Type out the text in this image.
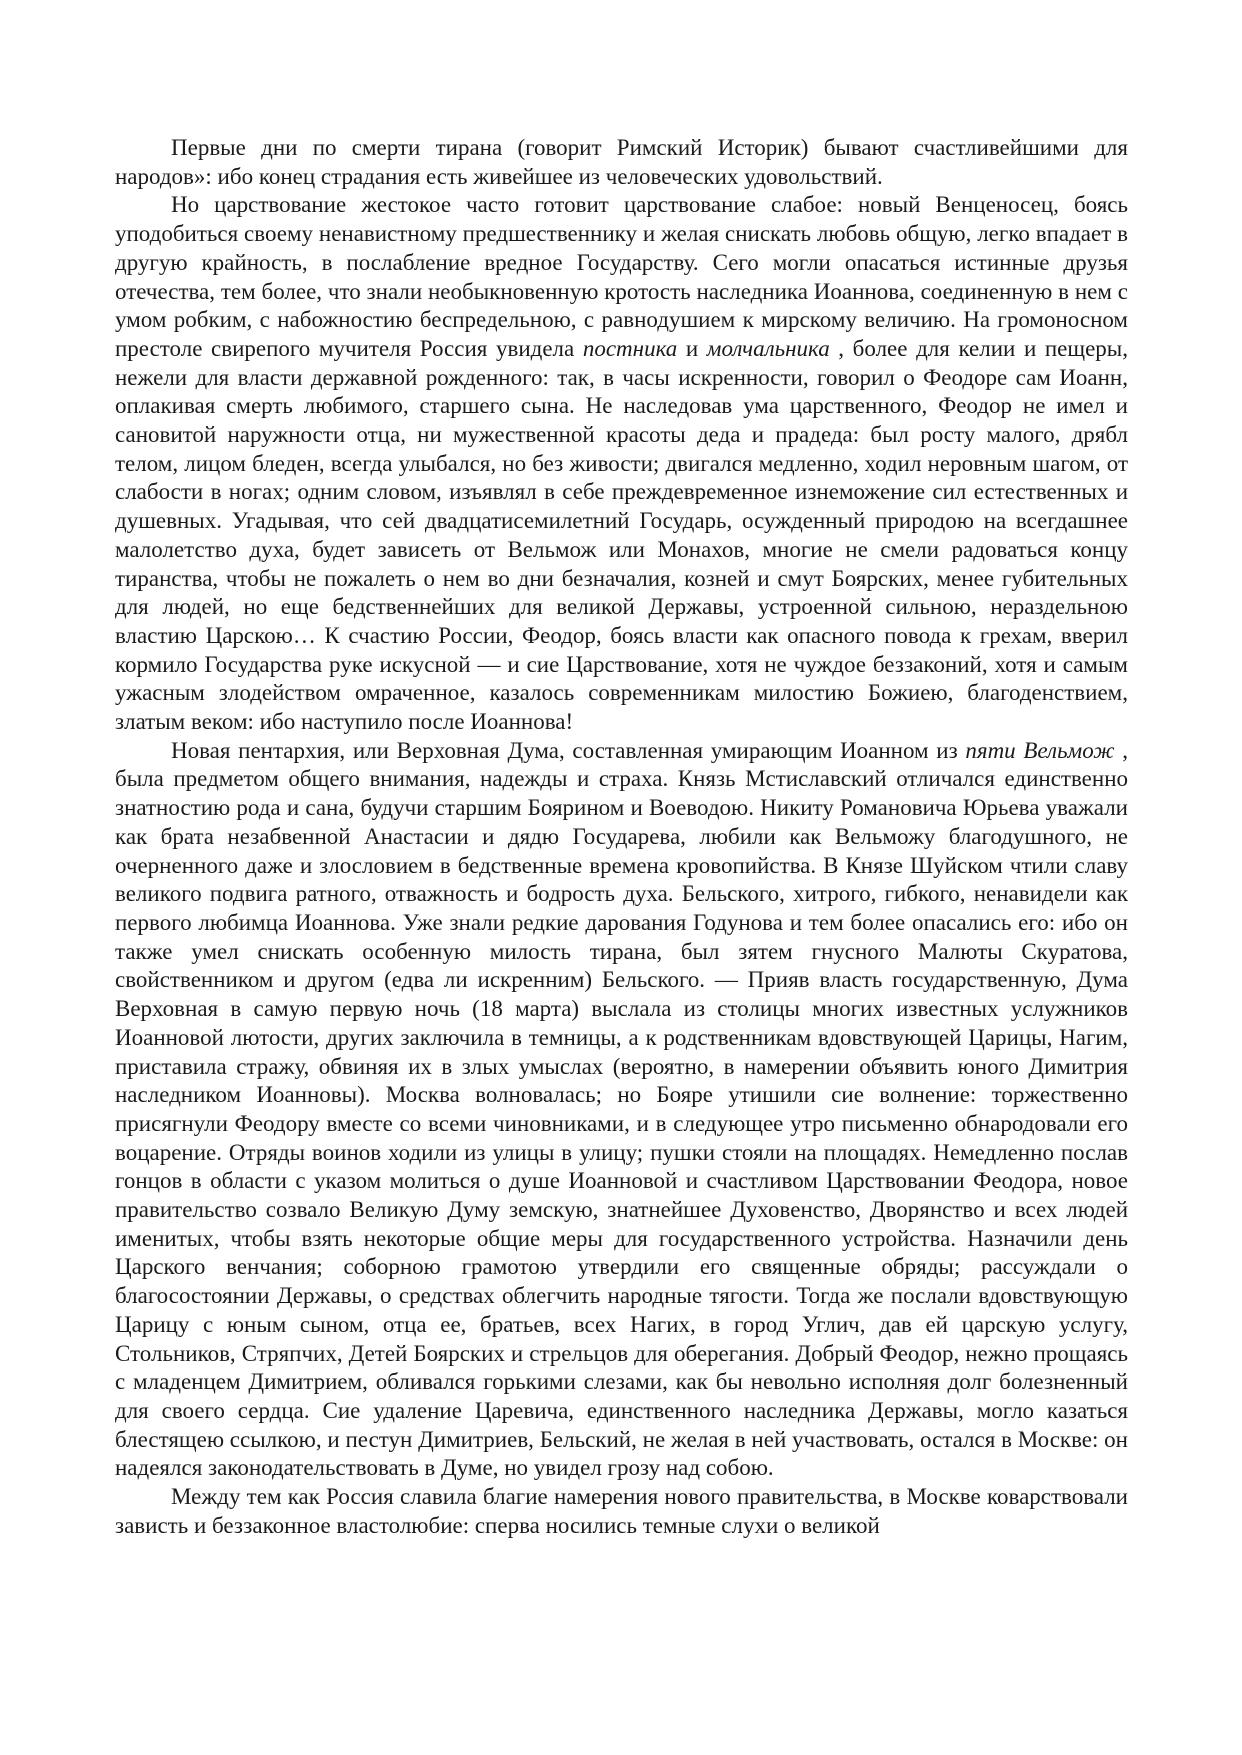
Первые дни по смерти тирана (говорит Римский Историк) бывают счастливейшими для народов»: ибо конец страдания есть живейшее из человеческих удовольствий.

Но царствование жестокое часто готовит царствование слабое: новый Венценосец, боясь уподобиться своему ненавистному предшественнику и желая снискать любовь общую, легко впадает в другую крайность, в послабление вредное Государству. Сего могли опасаться истинные друзья отечества, тем более, что знали необыкновенную кротость наследника Иоаннова, соединенную в нем с умом робким, с набожностию беспредельною, с равнодушием к мирскому величию. На громоносном престоле свирепого мучителя Россия увидела постника и молчальника , более для келии и пещеры, нежели для власти державной рожденного: так, в часы искренности, говорил о Феодоре сам Иоанн, оплакивая смерть любимого, старшего сына. Не наследовав ума царственного, Феодор не имел и сановитой наружности отца, ни мужественной красоты деда и прадеда: был росту малого, дрябл телом, лицом бледен, всегда улыбался, но без живости; двигался медленно, ходил неровным шагом, от слабости в ногах; одним словом, изъявлял в себе преждевременное изнеможение сил естественных и душевных. Угадывая, что сей двадцатисемилетний Государь, осужденный природою на всегдашнее малолетство духа, будет зависеть от Вельмож или Монахов, многие не смели радоваться концу тиранства, чтобы не пожалеть о нем во дни безначалия, козней и смут Боярских, менее губительных для людей, но еще бедственнейших для великой Державы, устроенной сильною, нераздельною властию Царскою… К счастию России, Феодор, боясь власти как опасного повода к грехам, вверил кормило Государства руке искусной — и сие Царствование, хотя не чуждое беззаконий, хотя и самым ужасным злодейством омраченное, казалось современникам милостию Божиею, благоденствием, златым веком: ибо наступило после Иоаннова!

Новая пентархия, или Верховная Дума, составленная умирающим Иоанном из пяти Вельмож , была предметом общего внимания, надежды и страха. Князь Мстиславский отличался единственно знатностию рода и сана, будучи старшим Боярином и Воеводою. Никиту Романовича Юрьева уважали как брата незабвенной Анастасии и дядю Государева, любили как Вельможу благодушного, не очерненного даже и злословием в бедственные времена кровопийства. В Князе Шуйском чтили славу великого подвига ратного, отважность и бодрость духа. Бельского, хитрого, гибкого, ненавидели как первого любимца Иоаннова. Уже знали редкие дарования Годунова и тем более опасались его: ибо он также умел снискать особенную милость тирана, был зятем гнусного Малюты Скуратова, свойственником и другом (едва ли искренним) Бельского. — Прияв власть государственную, Дума Верховная в самую первую ночь (18 марта) выслала из столицы многих известных услужников Иоанновой лютости, других заключила в темницы, а к родственникам вдовствующей Царицы, Нагим, приставила стражу, обвиняя их в злых умыслах (вероятно, в намерении объявить юного Димитрия наследником Иоанновы). Москва волновалась; но Бояре утишили сие волнение: торжественно присягнули Феодору вместе со всеми чиновниками, и в следующее утро письменно обнародовали его воцарение. Отряды воинов ходили из улицы в улицу; пушки стояли на площадях. Немедленно послав гонцов в области с указом молиться о душе Иоанновой и счастливом Царствовании Феодора, новое правительство созвало Великую Думу земскую, знатнейшее Духовенство, Дворянство и всех людей именитых, чтобы взять некоторые общие меры для государственного устройства. Назначили день Царского венчания; соборною грамотою утвердили его священные обряды; рассуждали о благосостоянии Державы, о средствах облегчить народные тягости. Тогда же послали вдовствующую Царицу с юным сыном, отца ее, братьев, всех Нагих, в город Углич, дав ей царскую услугу, Стольников, Стряпчих, Детей Боярских и стрельцов для оберегания. Добрый Феодор, нежно прощаясь с младенцем Димитрием, обливался горькими слезами, как бы невольно исполняя долг болезненный для своего сердца. Сие удаление Царевича, единственного наследника Державы, могло казаться блестящею ссылкою, и пестун Димитриев, Бельский, не желая в ней участвовать, остался в Москве: он надеялся законодательствовать в Думе, но увидел грозу над собою.

Между тем как Россия славила благие намерения нового правительства, в Москве коварствовали зависть и беззаконное властолюбие: сперва носились темные слухи о великой
